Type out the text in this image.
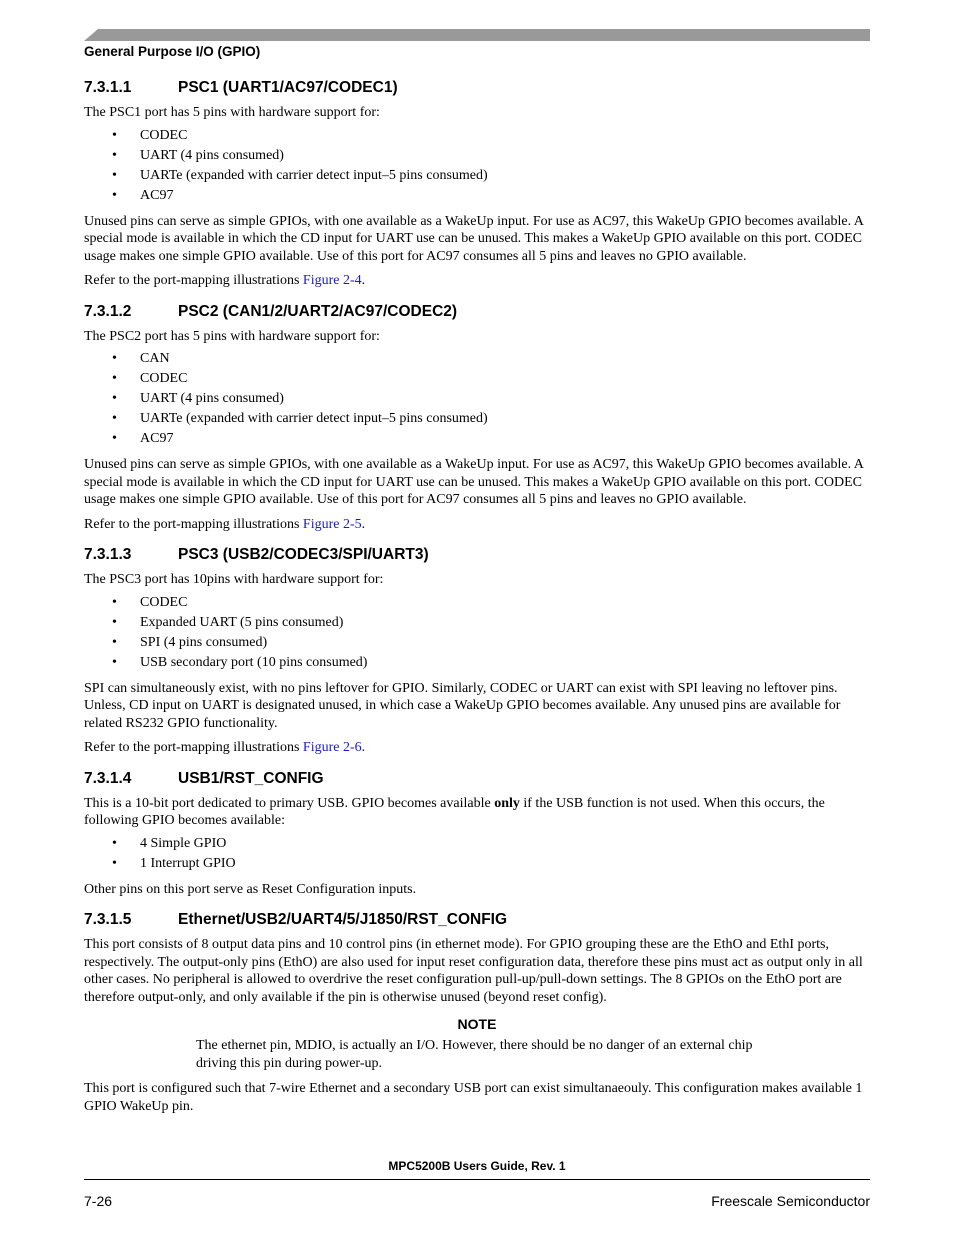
General Purpose I/O (GPIO)
7.3.1.1	PSC1 (UART1/AC97/CODEC1)

The PSC1 port has 5 pins with hardware support for:

• CODEC
• UART (4 pins consumed)
• UARTe (expanded with carrier detect input–5 pins consumed)
• AC97

Unused pins can serve as simple GPIOs, with one available as a WakeUp input. For use as AC97, this WakeUp GPIO becomes available. A special mode is available in which the CD input for UART use can be unused. This makes a WakeUp GPIO available on this port. CODEC usage makes one simple GPIO available. Use of this port for AC97 consumes all 5 pins and leaves no GPIO available.

Refer to the port-mapping illustrations Figure 2-4.

7.3.1.2	PSC2 (CAN1/2/UART2/AC97/CODEC2)

The PSC2 port has 5 pins with hardware support for:

• CAN
• CODEC
• UART (4 pins consumed)
• UARTe (expanded with carrier detect input–5 pins consumed)
• AC97

Unused pins can serve as simple GPIOs, with one available as a WakeUp input. For use as AC97, this WakeUp GPIO becomes available. A special mode is available in which the CD input for UART use can be unused. This makes a WakeUp GPIO available on this port. CODEC usage makes one simple GPIO available. Use of this port for AC97 consumes all 5 pins and leaves no GPIO available.

Refer to the port-mapping illustrations Figure 2-5.

7.3.1.3	PSC3 (USB2/CODEC3/SPI/UART3)

The PSC3 port has 10pins with hardware support for:

• CODEC
• Expanded UART (5 pins consumed)
• SPI (4 pins consumed)
• USB secondary port (10 pins consumed)

SPI can simultaneously exist, with no pins leftover for GPIO. Similarly, CODEC or UART can exist with SPI leaving no leftover pins. Unless, CD input on UART is designated unused, in which case a WakeUp GPIO becomes available. Any unused pins are available for related RS232 GPIO functionality.

Refer to the port-mapping illustrations Figure 2-6.

7.3.1.4	USB1/RST_CONFIG

This is a 10-bit port dedicated to primary USB. GPIO becomes available only if the USB function is not used. When this occurs, the following GPIO becomes available:

• 4 Simple GPIO
• 1 Interrupt GPIO

Other pins on this port serve as Reset Configuration inputs.

7.3.1.5	Ethernet/USB2/UART4/5/J1850/RST_CONFIG

This port consists of 8 output data pins and 10 control pins (in ethernet mode). For GPIO grouping these are the EthO and EthI ports, respectively. The output-only pins (EthO) are also used for input reset configuration data, therefore these pins must act as output only in all other cases. No peripheral is allowed to overdrive the reset configuration pull-up/pull-down settings. The 8 GPIOs on the EthO port are therefore output-only, and only available if the pin is otherwise unused (beyond reset config).

NOTE

The ethernet pin, MDIO, is actually an I/O. However, there should be no danger of an external chip driving this pin during power-up.

This port is configured such that 7-wire Ethernet and a secondary USB port can exist simultanaeouly. This configuration makes available 1 GPIO WakeUp pin.

MPC5200B Users Guide, Rev. 1
7-26	Freescale Semiconductor
